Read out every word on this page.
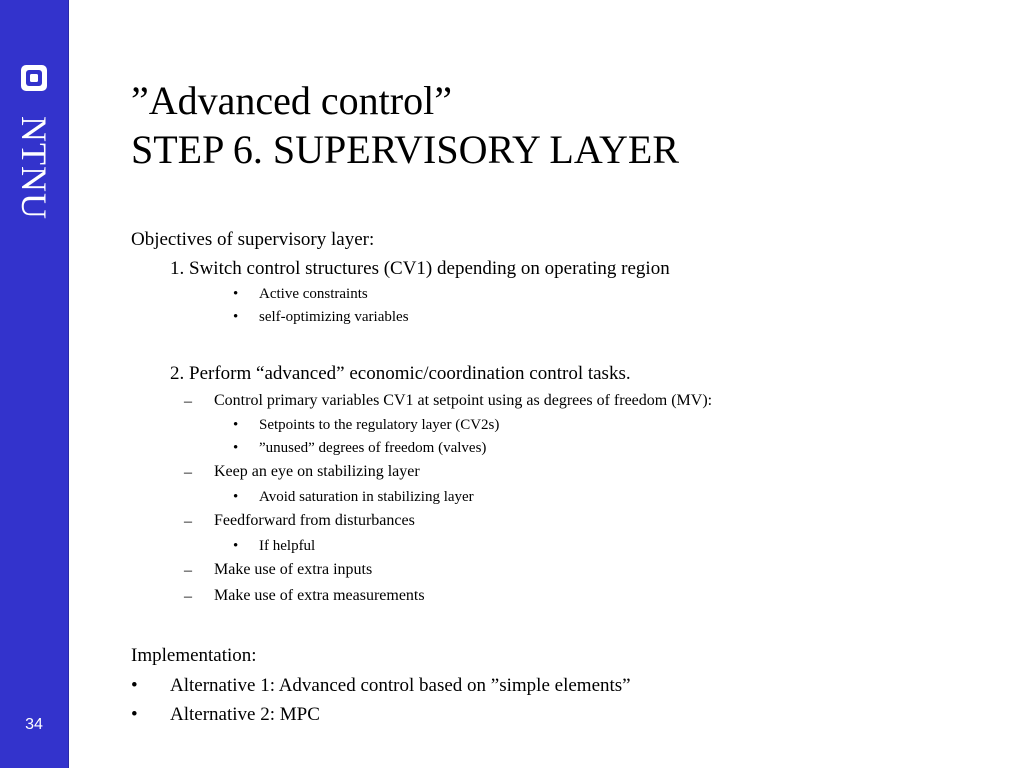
NTNU
34
”Advanced control”
STEP 6. SUPERVISORY LAYER
Objectives of supervisory layer:
1. Switch control structures (CV1) depending on operating region
• Active constraints
• self-optimizing variables
2. Perform “advanced” economic/coordination control tasks.
– Control primary variables CV1 at setpoint using as degrees of freedom (MV):
• Setpoints to the regulatory layer (CV2s)
• ”unused” degrees of freedom (valves)
– Keep an eye on stabilizing layer
• Avoid saturation in stabilizing layer
– Feedforward from disturbances
• If helpful
– Make use of extra inputs
– Make use of extra measurements
Implementation:
• Alternative 1: Advanced control based on ”simple elements”
• Alternative 2: MPC
